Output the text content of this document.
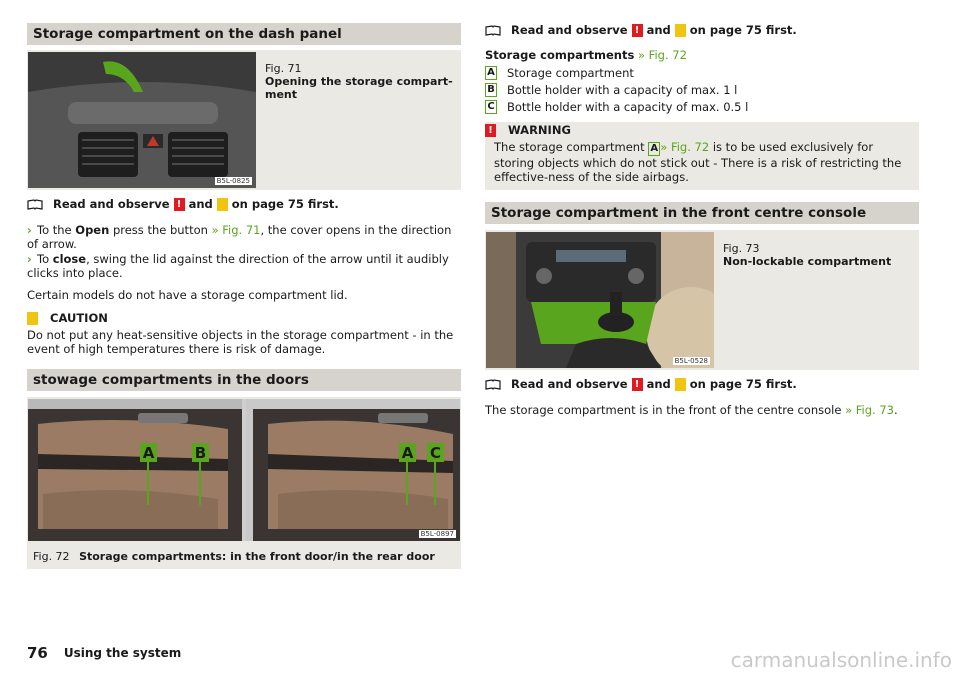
Storage compartment on the dash panel
B5L-0825
Fig. 71
Opening the storage compart-ment
Read and observe ! and on page 75 first.
› To the Open press the button » Fig. 71, the cover opens in the direction of arrow.
› To close, swing the lid against the direction of the arrow until it audibly clicks into place.
Certain models do not have a storage compartment lid.
CAUTION
Do not put any heat-sensitive objects in the storage compartment - in the event of high temperatures there is risk of damage.
stowage compartments in the doors
A	B	A C
B5L-0897
Fig. 72 Storage compartments: in the front door/in the rear door
Read and observe ! and on page 75 first.
Storage compartments » Fig. 72
A Storage compartment
B Bottle holder with a capacity of max. 1 l
C Bottle holder with a capacity of max. 0.5 l
! WARNING
The storage compartment A » Fig. 72 is to be used exclusively for storing objects which do not stick out - There is a risk of restricting the effective-ness of the side airbags.
Storage compartment in the front centre console
B5L-0528
Fig. 73
Non-lockable compartment
Read and observe ! and on page 75 first.
The storage compartment is in the front of the centre console » Fig. 73.
76 Using the system	carmanualsonline.info
